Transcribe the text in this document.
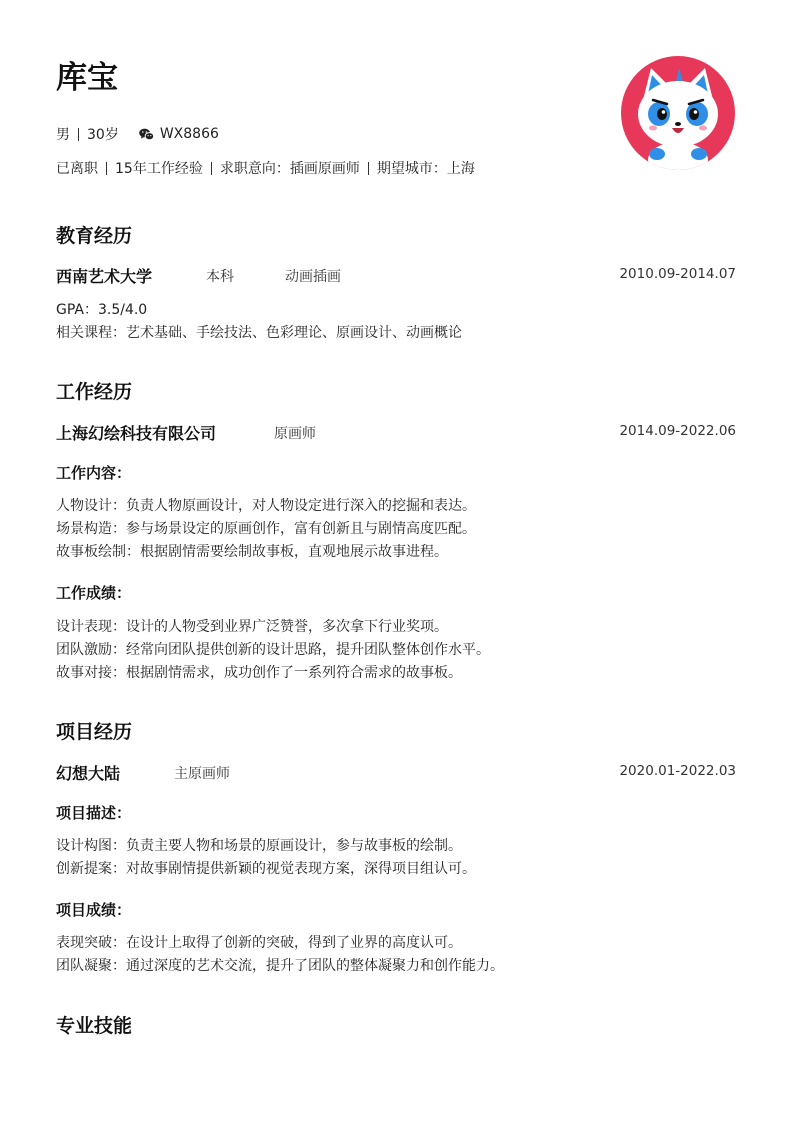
库宝
男 30岁	WX8866
已离职 15年工作经验 求职意向：插画原画师 期望城市：上海
教育经历
西南艺术大学	本科	动画插画	2010.09-2014.07
GPA：3.5/4.0
相关课程：艺术基础、手绘技法、色彩理论、原画设计、动画概论
工作经历
上海幻绘科技有限公司	原画师	2014.09-2022.06
工作内容：
人物设计：负责人物原画设计，对人物设定进行深入的挖掘和表达。
场景构造：参与场景设定的原画创作，富有创新且与剧情高度匹配。
故事板绘制：根据剧情需要绘制故事板，直观地展示故事进程。
工作成绩：
设计表现：设计的人物受到业界广泛赞誉，多次拿下行业奖项。
团队激励：经常向团队提供创新的设计思路，提升团队整体创作水平。
故事对接：根据剧情需求，成功创作了一系列符合需求的故事板。
项目经历
幻想大陆	主原画师	2020.01-2022.03
项目描述：
设计构图：负责主要人物和场景的原画设计，参与故事板的绘制。
创新提案：对故事剧情提供新颖的视觉表现方案，深得项目组认可。
项目成绩：
表现突破：在设计上取得了创新的突破，得到了业界的高度认可。
团队凝聚：通过深度的艺术交流，提升了团队的整体凝聚力和创作能力。
专业技能
